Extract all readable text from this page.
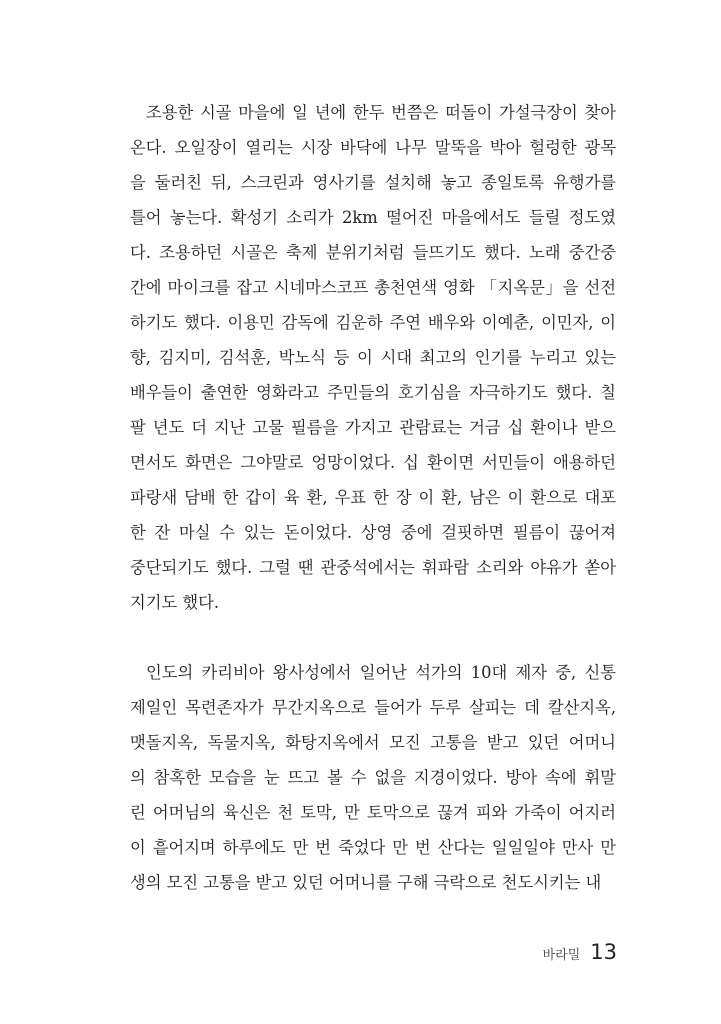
조용한 시골 마을에 일 년에 한두 번쯤은 떠돌이 가설극장이 찾아
온다. 오일장이 열리는 시장 바닥에 나무 말뚝을 박아 헐렁한 광목
을 둘러친 뒤, 스크린과 영사기를 설치해 놓고 종일토록 유행가를
틀어 놓는다. 확성기 소리가 2km 떨어진 마을에서도 들릴 정도였
다. 조용하던 시골은 축제 분위기처럼 들뜨기도 했다. 노래 중간중
간에 마이크를 잡고 시네마스코프 총천연색 영화 「지옥문」을 선전
하기도 했다. 이용민 감독에 김운하 주연 배우와 이예춘, 이민자, 이
향, 김지미, 김석훈, 박노식 등 이 시대 최고의 인기를 누리고 있는
배우들이 출연한 영화라고 주민들의 호기심을 자극하기도 했다. 칠
팔 년도 더 지난 고물 필름을 가지고 관람료는 거금 십 환이나 받으
면서도 화면은 그야말로 엉망이었다. 십 환이면 서민들이 애용하던
파랑새 담배 한 갑이 육 환, 우표 한 장 이 환, 남은 이 환으로 대포
한 잔 마실 수 있는 돈이었다. 상영 중에 걸핏하면 필름이 끊어져
중단되기도 했다. 그럴 땐 관중석에서는 휘파람 소리와 야유가 쏟아
지기도 했다.
인도의 카리비아 왕사성에서 일어난 석가의 10대 제자 중, 신통
제일인 목련존자가 무간지옥으로 들어가 두루 살피는 데 칼산지옥,
맷돌지옥, 독물지옥, 화탕지옥에서 모진 고통을 받고 있던 어머니
의 참혹한 모습을 눈 뜨고 볼 수 없을 지경이었다. 방아 속에 휘말
린 어머님의 육신은 천 토막, 만 토막으로 끊겨 피와 가죽이 어지러
이 흩어지며 하루에도 만 번 죽었다 만 번 산다는 일일일야 만사 만
생의 모진 고통을 받고 있던 어머니를 구해 극락으로 천도시키는 내
바라밀 13
